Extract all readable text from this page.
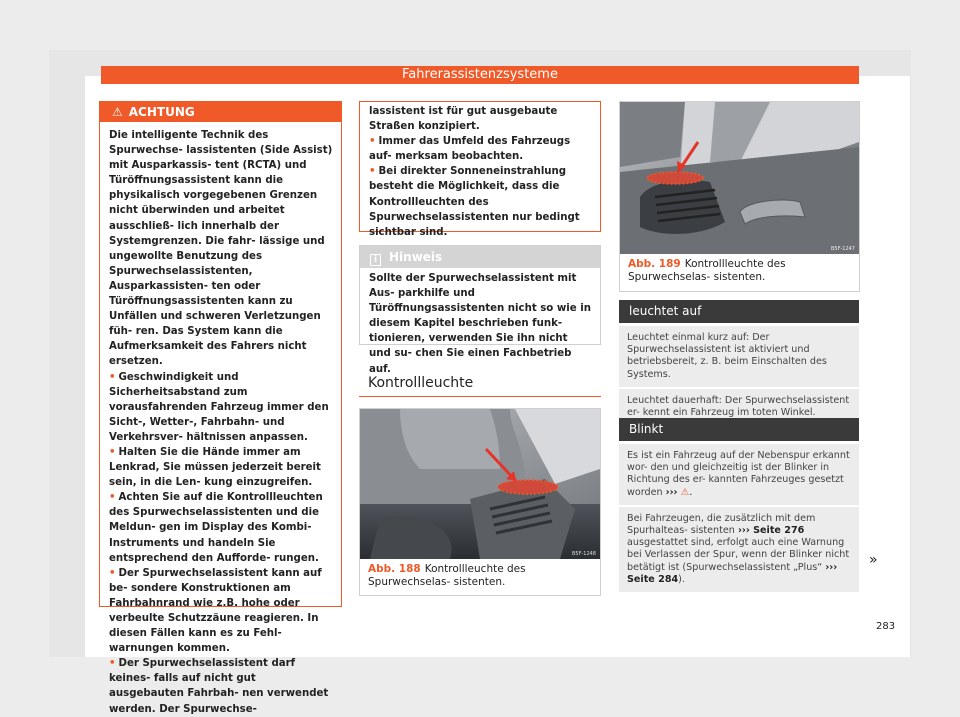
Fahrerassistenzsysteme
⚠ ACHTUNG
Die intelligente Technik des Spurwechse- lassistenten (Side Assist) mit Ausparkassis- tent (RCTA) und Türöffnungsassistent kann die physikalisch vorgegebenen Grenzen nicht überwinden und arbeitet ausschließ- lich innerhalb der Systemgrenzen. Die fahr- lässige und ungewollte Benutzung des Spurwechselassistenten, Ausparkassisten- ten oder Türöffnungsassistenten kann zu Unfällen und schweren Verletzungen füh- ren. Das System kann die Aufmerksamkeit des Fahrers nicht ersetzen.
• Geschwindigkeit und Sicherheitsabstand zum vorausfahrenden Fahrzeug immer den Sicht-, Wetter-, Fahrbahn- und Verkehrsver- hältnissen anpassen.
• Halten Sie die Hände immer am Lenkrad, Sie müssen jederzeit bereit sein, in die Len- kung einzugreifen.
• Achten Sie auf die Kontrollleuchten des Spurwechselassistenten und die Meldun- gen im Display des Kombi-Instruments und handeln Sie entsprechend den Aufforde- rungen.
• Der Spurwechselassistent kann auf be- sondere Konstruktionen am Fahrbahnrand wie z.B. hohe oder verbeulte Schutzzäune reagieren. In diesen Fällen kann es zu Fehl- warnungen kommen.
• Der Spurwechselassistent darf keines- falls auf nicht gut ausgebauten Fahrbah- nen verwendet werden. Der Spurwechse-
lassistent ist für gut ausgebaute Straßen konzipiert.
• Immer das Umfeld des Fahrzeugs auf- merksam beobachten.
• Bei direkter Sonneneinstrahlung besteht die Möglichkeit, dass die Kontrollleuchten des Spurwechselassistenten nur bedingt sichtbar sind.
i Hinweis
Sollte der Spurwechselassistent mit Aus- parkhilfe und Türöffnungsassistenten nicht so wie in diesem Kapitel beschrieben funk- tionieren, verwenden Sie ihn nicht und su- chen Sie einen Fachbetrieb auf.
Kontrollleuchte
B5F-1248
Abb. 188 Kontrollleuchte des Spurwechselas- sistenten.
B5F-1247
Abb. 189 Kontrollleuchte des Spurwechselas- sistenten.
leuchtet auf
Leuchtet einmal kurz auf: Der Spurwechselassistent ist aktiviert und betriebsbereit, z. B. beim Einschalten des Systems.
Leuchtet dauerhaft: Der Spurwechselassistent er- kennt ein Fahrzeug im toten Winkel.
Blinkt
Es ist ein Fahrzeug auf der Nebenspur erkannt wor- den und gleichzeitig ist der Blinker in Richtung des er- kannten Fahrzeuges gesetzt worden ››› ⚠.
Bei Fahrzeugen, die zusätzlich mit dem Spurhalteas- sistenten ››› Seite 276 ausgestattet sind, erfolgt auch eine Warnung bei Verlassen der Spur, wenn der Blinker nicht betätigt ist (Spurwechselassistent „Plus“ ››› Seite 284).
»
283
